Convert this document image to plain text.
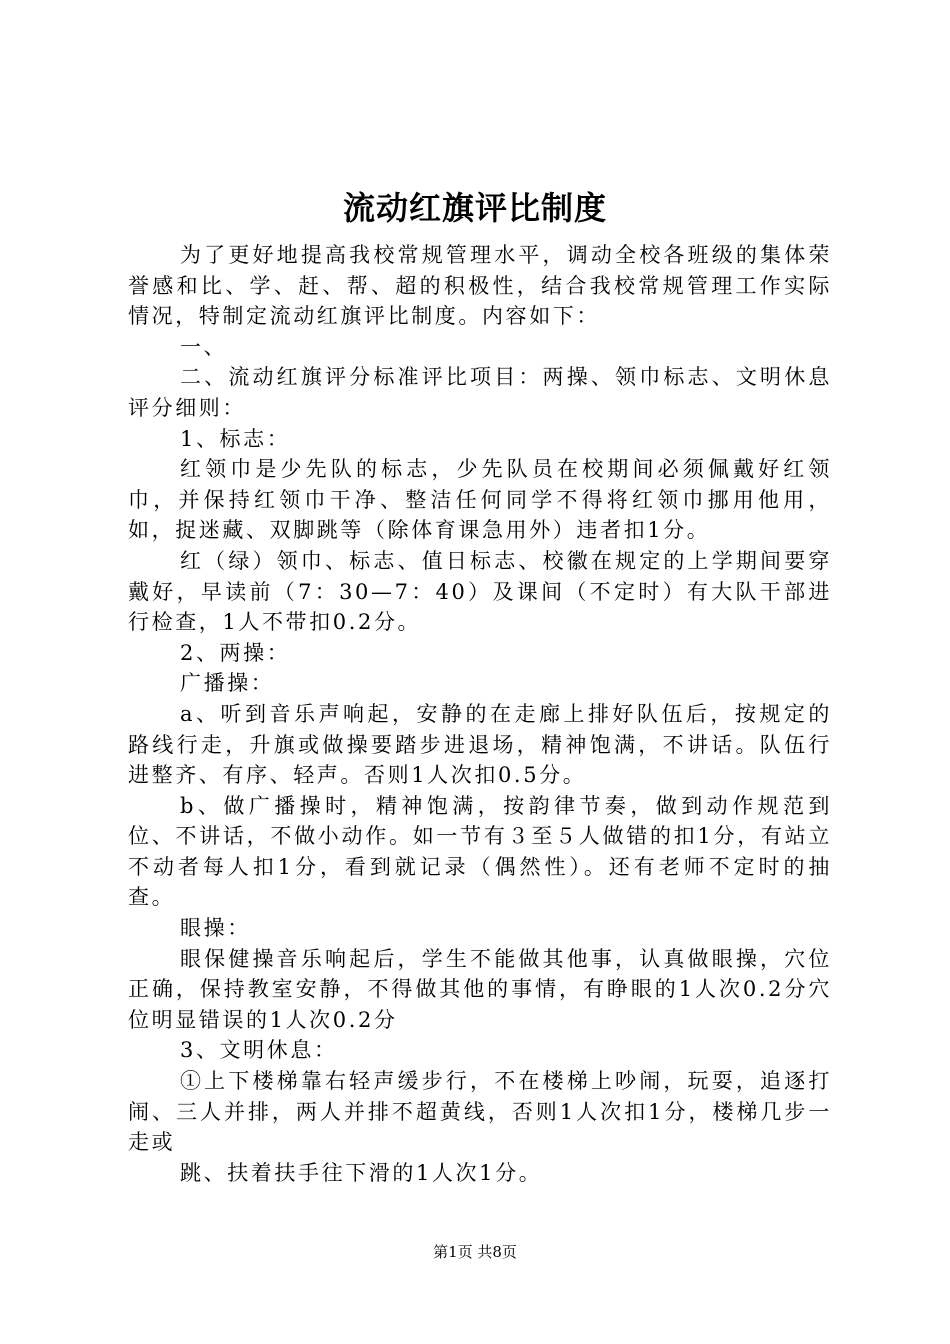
流动红旗评比制度

为了更好地提高我校常规管理水平，调动全校各班级的集体荣誉感和比、学、赶、帮、超的积极性，结合我校常规管理工作实际情况，特制定流动红旗评比制度。内容如下：

一、

二、流动红旗评分标准评比项目：两操、领巾标志、文明休息评分细则：

1、标志：

红领巾是少先队的标志，少先队员在校期间必须佩戴好红领巾，并保持红领巾干净、整洁任何同学不得将红领巾挪用他用，如，捉迷藏、双脚跳等（除体育课急用外）违者扣1分。

红（绿）领巾、标志、值日标志、校徽在规定的上学期间要穿戴好，早读前（7：30—7：40）及课间（不定时）有大队干部进行检查，1人不带扣0.2分。

2、两操：

广播操：

a、听到音乐声响起，安静的在走廊上排好队伍后，按规定的路线行走，升旗或做操要踏步进退场，精神饱满，不讲话。队伍行进整齐、有序、轻声。否则1人次扣0.5分。

b、做广播操时，精神饱满，按韵律节奏，做到动作规范到位、不讲话，不做小动作。如一节有３至５人做错的扣1分，有站立不动者每人扣1分，看到就记录（偶然性）。还有老师不定时的抽查。

眼操：

眼保健操音乐响起后，学生不能做其他事，认真做眼操，穴位正确，保持教室安静，不得做其他的事情，有睁眼的1人次0.2分穴位明显错误的1人次0.2分

3、文明休息：

①上下楼梯靠右轻声缓步行，不在楼梯上吵闹，玩耍，追逐打闹、三人并排，两人并排不超黄线，否则1人次扣1分，楼梯几步一走或

跳、扶着扶手往下滑的1人次1分。

第1页 共8页
